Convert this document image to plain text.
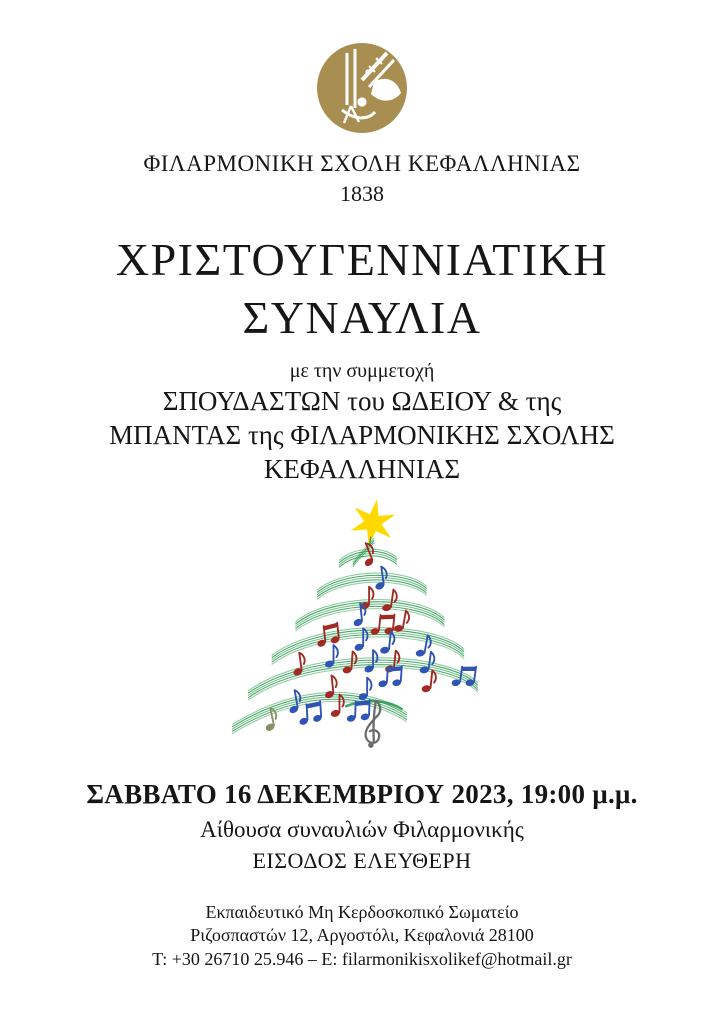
ΦΙΛΑΡΜΟΝΙΚΗ ΣΧΟΛΗ ΚΕΦΑΛΛΗΝΙΑΣ
1838
ΧΡΙΣΤΟΥΓΕΝΝΙΑΤΙΚΗ
ΣΥΝΑΥΛΙΑ
με την συμμετοχή
ΣΠΟΥΔΑΣΤΩΝ του ΩΔΕΙΟΥ & της
ΜΠΑΝΤΑΣ της ΦΙΛΑΡΜΟΝΙΚΗΣ ΣΧΟΛΗΣ
ΚΕΦΑΛΛΗΝΙΑΣ
ΣΑΒΒΑΤΟ 16 ΔΕΚΕΜΒΡΙΟΥ 2023, 19:00 μ.μ.
Αίθουσα συναυλιών Φιλαρμονικής
ΕΙΣΟΔΟΣ ΕΛΕΥΘΕΡΗ
Εκπαιδευτικό Μη Κερδοσκοπικό Σωματείο
Ριζοσπαστών 12, Αργοστόλι, Κεφαλονιά 28100
T: +30 26710 25.946 – E: filarmonikisxolikef@hotmail.gr
